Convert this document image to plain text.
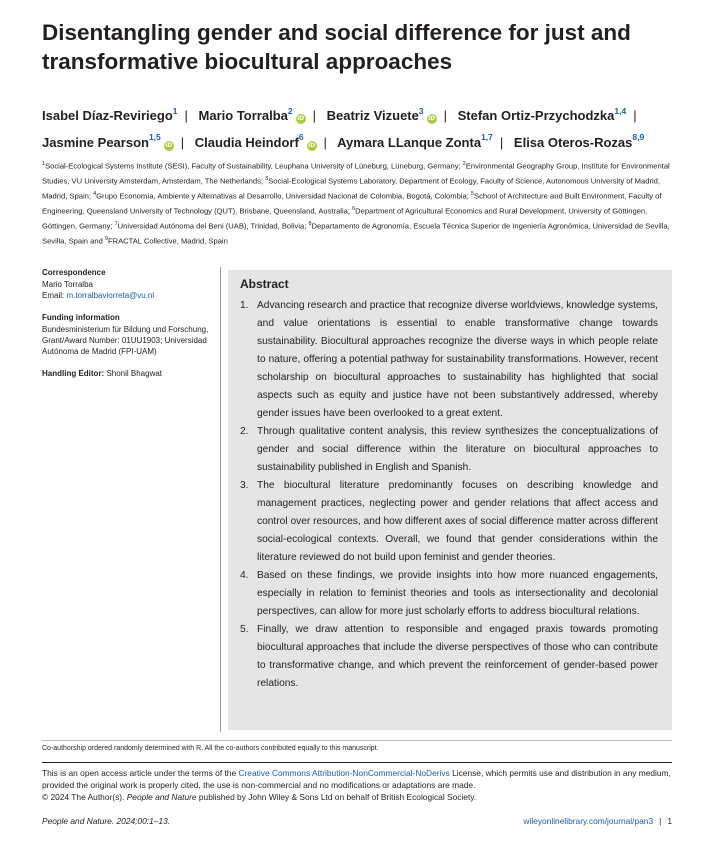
Disentangling gender and social difference for just and transformative biocultural approaches
Isabel Díaz-Reviriego$^1$ | Mario Torralba$^2$iD | Beatriz Vizuete$^3$iD | Stefan Ortiz-Przychodzka$^{1,4}$ | Jasmine Pearson$^{1,5}$iD | Claudia Heindorf$^6$iD | Aymara LLanque Zonta$^{1,7}$ | Elisa Oteros-Rozas$^{8,9}$
$^1$Social-Ecological Systems Institute (SESI), Faculty of Sustainability, Leuphana University of Lüneburg, Lüneburg, Germany; $^2$Environmental Geography Group, Institute for Environmental Studies, VU University Amsterdam, Amsterdam, The Netherlands; $^3$Social-Ecological Systems Laboratory, Department of Ecology, Faculty of Science, Autonomous University of Madrid, Madrid, Spain; $^4$Grupo Economía, Ambiente y Alternativas al Desarrollo, Universidad Nacional de Colombia, Bogotá, Colombia; $^5$School of Architecture and Built Environment, Faculty of Engineering, Queensland University of Technology (QUT), Brisbane, Queensland, Australia; $^6$Department of Agricultural Economics and Rural Development, University of Göttingen, Göttingen, Germany; $^7$Universidad Autónoma del Beni (UAB), Trinidad, Bolivia; $^8$Departamento de Agronomía, Escuela Técnica Superior de Ingeniería Agronómica, Universidad de Sevilla, Sevilla, Spain and $^9$FRACTAL Collective, Madrid, Spain
Correspondence
Mario Torralba
Email: m.torralbaviorreta@vu.nl
Funding information
Bundesministerium für Bildung und Forschung, Grant/Award Number: 01UU1903; Universidad Autónoma de Madrid (FPI-UAM)
Handling Editor: Shonil Bhagwat
Abstract
1. Advancing research and practice that recognize diverse worldviews, knowledge systems, and value orientations is essential to enable transformative change towards sustainability. Biocultural approaches recognize the diverse ways in which people relate to nature, offering a potential pathway for sustainability transformations. However, recent scholarship on biocultural approaches to sustainability has highlighted that social aspects such as equity and justice have not been substantively addressed, whereby gender issues have been overlooked to a great extent.
2. Through qualitative content analysis, this review synthesizes the conceptualizations of gender and social difference within the literature on biocultural approaches to sustainability published in English and Spanish.
3. The biocultural literature predominantly focuses on describing knowledge and management practices, neglecting power and gender relations that affect access and control over resources, and how different axes of social difference matter across different social-ecological contexts. Overall, we found that gender considerations within the literature reviewed do not build upon feminist and gender theories.
4. Based on these findings, we provide insights into how more nuanced engagements, especially in relation to feminist theories and tools as intersectionality and decolonial perspectives, can allow for more just scholarly efforts to address biocultural relations.
5. Finally, we draw attention to responsible and engaged praxis towards promoting biocultural approaches that include the diverse perspectives of those who can contribute to transformative change, and which prevent the reinforcement of gender-based power relations.
Co-authorship ordered randomly determined with R. All the co-authors contributed equally to this manuscript.
This is an open access article under the terms of the Creative Commons Attribution-NonCommercial-NoDerivs License, which permits use and distribution in any medium, provided the original work is properly cited, the use is non-commercial and no modifications or adaptations are made.
© 2024 The Author(s). People and Nature published by John Wiley & Sons Ltd on behalf of British Ecological Society.
People and Nature. 2024;00:1–13.	wileyonlinelibrary.com/journal/pan3 | 1
